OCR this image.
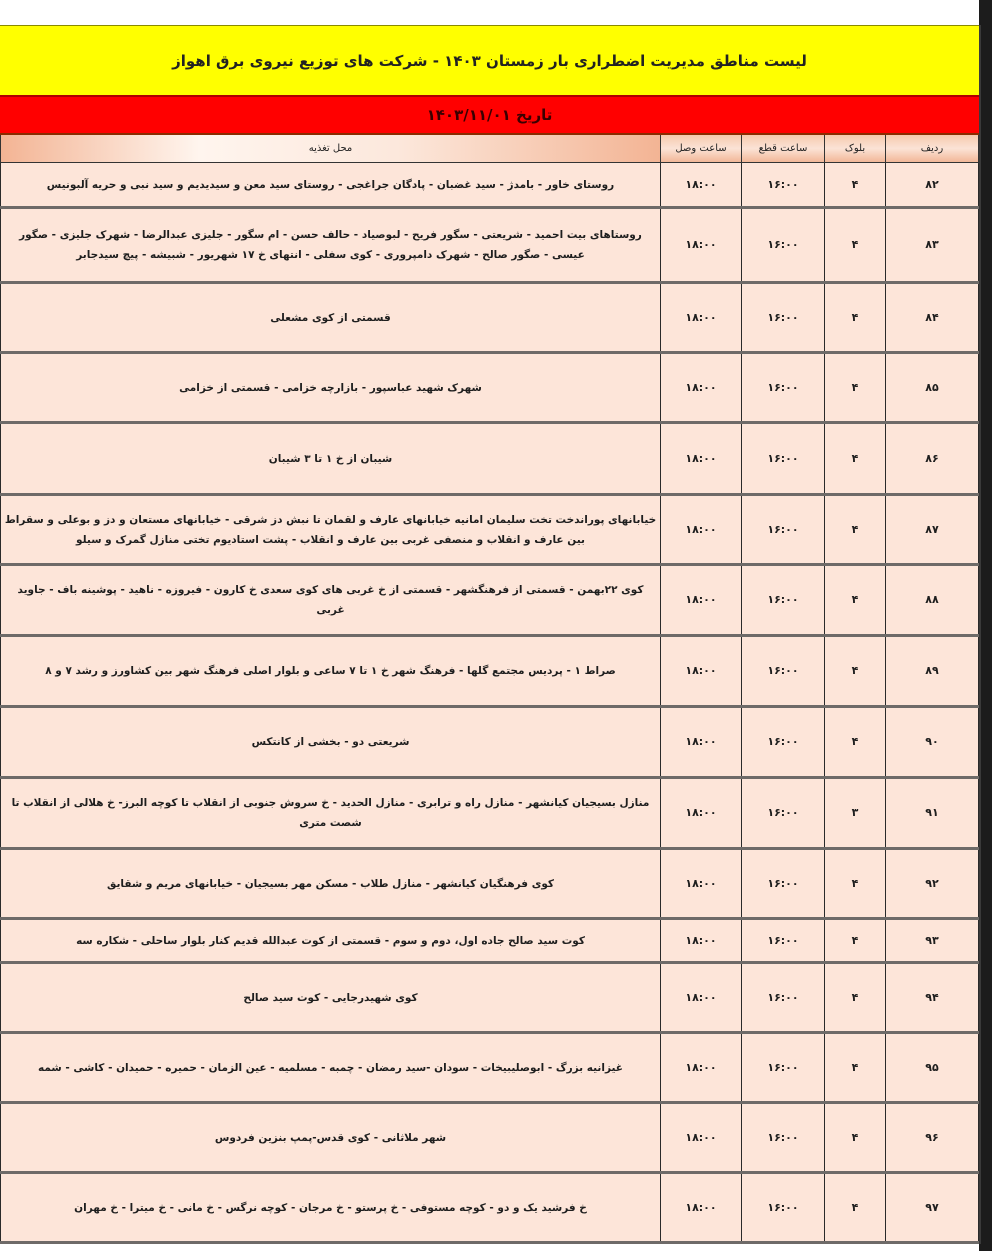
لیست مناطق مدیریت اضطراری بار زمستان ۱۴۰۳ - شرکت های توزیع نیروی برق اهواز
تاریخ ۱۴۰۳/۱۱/۰۱
ردیف	بلوک	ساعت قطع	ساعت وصل	محل تغذیه
۸۲	۴	۱۶:۰۰	۱۸:۰۰	روستای خاور - بامدژ - سید غضبان - پادگان جراغجی - روستای سید معن و سیدیدیم و سید نبی و حریه آلبونیس
۸۳	۴	۱۶:۰۰	۱۸:۰۰	روستاهای بیت احمید - شریعتی - سگور فریح - لبوصیاد - حالف حسن - ام سگور - جلیزی عبدالرضا - شهرک جلیزی - صگور عیسی - صگور صالح - شهرک دامپروری - کوی سفلی - انتهای خ ۱۷ شهریور - شبیشه - پیچ سیدجابر
۸۴	۴	۱۶:۰۰	۱۸:۰۰	قسمتی از کوی مشعلی
۸۵	۴	۱۶:۰۰	۱۸:۰۰	شهرک شهید عباسپور - بازارچه خزامی - قسمتی از خزامی
۸۶	۴	۱۶:۰۰	۱۸:۰۰	شیبان از خ ۱ تا ۳ شیبان
۸۷	۴	۱۶:۰۰	۱۸:۰۰	خیابانهای پوراندخت تخت سلیمان امانیه خیابانهای عارف و لقمان تا نبش دز شرقی - خیابانهای مستعان و دز و بوعلی و سقراط بین عارف و انقلاب و منصفی غربی بین عارف و انقلاب - پشت استادیوم تختی منازل گمرک و سیلو
۸۸	۴	۱۶:۰۰	۱۸:۰۰	کوی ۲۲بهمن - قسمتی از فرهنگشهر - قسمتی از خ غربی های کوی سعدی خ کارون - فیروزه - ناهید - پوشینه باف - جاوید غربی
۸۹	۴	۱۶:۰۰	۱۸:۰۰	صراط ۱ - پردیس مجتمع گلها - فرهنگ شهر خ ۱ تا ۷ ساعی و بلوار اصلی فرهنگ شهر بین کشاورز و رشد ۷ و ۸
۹۰	۴	۱۶:۰۰	۱۸:۰۰	شریعتی دو - بخشی از کانتکس
۹۱	۳	۱۶:۰۰	۱۸:۰۰	منازل بسیجیان کیانشهر - منازل راه و ترابری - منازل الحدید - خ سروش جنوبی از انقلاب تا کوچه البرز- خ هلالی از انقلاب تا شصت متری
۹۲	۴	۱۶:۰۰	۱۸:۰۰	کوی فرهنگیان کیانشهر - منازل طلاب - مسکن مهر بسیجیان - خیابانهای مریم و شقایق
۹۳	۴	۱۶:۰۰	۱۸:۰۰	کوت سید صالح جاده اول، دوم و سوم - قسمتی از کوت عبدالله قدیم کنار بلوار ساحلی - شکاره سه
۹۴	۴	۱۶:۰۰	۱۸:۰۰	کوی شهیدرجایی - کوت سید صالح
۹۵	۴	۱۶:۰۰	۱۸:۰۰	غیزانیه بزرگ - ابوصلیبیخات - سودان -سید رمضان - چمبه - مسلمیه - عین الزمان - حمیره - حمیدان - کاشی - شمه
۹۶	۴	۱۶:۰۰	۱۸:۰۰	شهر ملاثانی - کوی قدس-پمپ بنزین فردوس
۹۷	۴	۱۶:۰۰	۱۸:۰۰	خ فرشید یک و دو - کوچه مستوفی - خ پرستو - خ مرجان - کوچه نرگس - خ مانی - خ میترا - خ مهران
